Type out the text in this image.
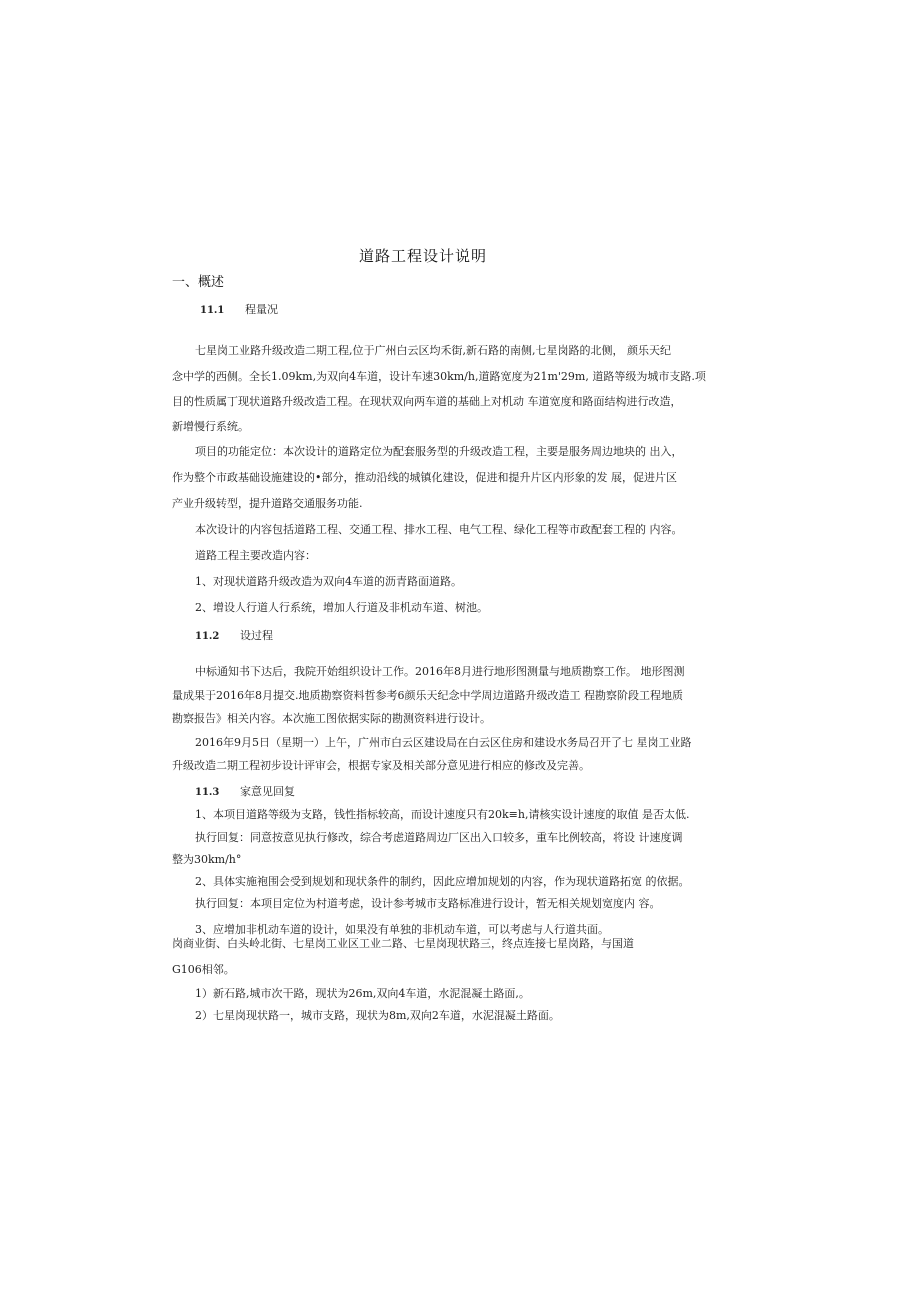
道路工程设计说明
一、概述
11.1 程量况
七星岗工业路升级改造二期工程,位于广州白云区均禾街,新石路的南侧,七星岗路的北侧， 颜乐天纪
念中学的西侧。全长1.09km,为双向4车道，设计车速30km/h,道路宽度为21m'29m, 道路等级为城市支路.项
目的性质属丁现状道路升级改造工程。在现状双向两车道的基础上对机动 车道宽度和路面结构进行改造，
新增慢行系统。
项目的功能定位：本次设计的道路定位为配套服务型的升级改造工程，主要是服务周边地块的 出入，
作为整个市政基础设施建设的•部分，推动沿线的城镇化建设，促进和提升片区内形象的发 展，促进片区
产业升级转型，提升道路交通服务功能.
本次设计的内容包括道路工程、交通工程、排水工程、电气工程、绿化工程等市政配套工程的 内容。
道路工程主要改造内容：
1、对现状道路升级改造为双向4车道的沥青路面道路。
2、增设人行道人行系统，增加人行道及非机动车道、树池。
11.2 设过程
中标通知书下达后，我院开始组织设计工作。2016年8月进行地形图测量与地质勘察工作。 地形图测
量成果于2016年8月提交.地质勘察资料哲参考6颜乐天纪念中学周边道路升级改造工 程勘察阶段工程地质
勘察报告》相关内容。本次施工图依据实际的勘测资料进行设计。
2016年9月5日（星期一）上午，广州市白云区建设局在白云区住房和建设水务局召开了七 星岗工业路
升级改造二期工程初步设计评审会，根据专家及相关部分意见进行相应的修改及完善。
11.3 家意见回复
1、本项目道路等级为支路，钱性指标较高，而设计速度只有20k≡h,请核实设计速度的取值 是否太低.
执行回复：同意按意见执行修改，综合考虑道路周边厂区出入口较多，重车比例较高，将设 计速度调
整为30km/h°
2、具体实施袍围会受到规划和现状条件的制约，因此应增加规划的内容，作为现状道路拓宽 的依据。
执行回复：本项目定位为村道考虑，设计参考城市支路标准进行设计，暂无相关规划宽度内 容。
3、应增加非机动车道的设计，如果没有单独的非机动车道，可以考虑与人行道共面。
岗商业街、白头岭北街、七星岗工业区工业二路、七星岗现状路三，终点连接七星岗路，与国道
G106相邻。
1）新石路,城市次干路，现状为26m,双向4车道，水泥混凝土路面,。
2）七星岗现状路一，城市支路，现状为8m,双向2车道，水泥混凝土路面。
